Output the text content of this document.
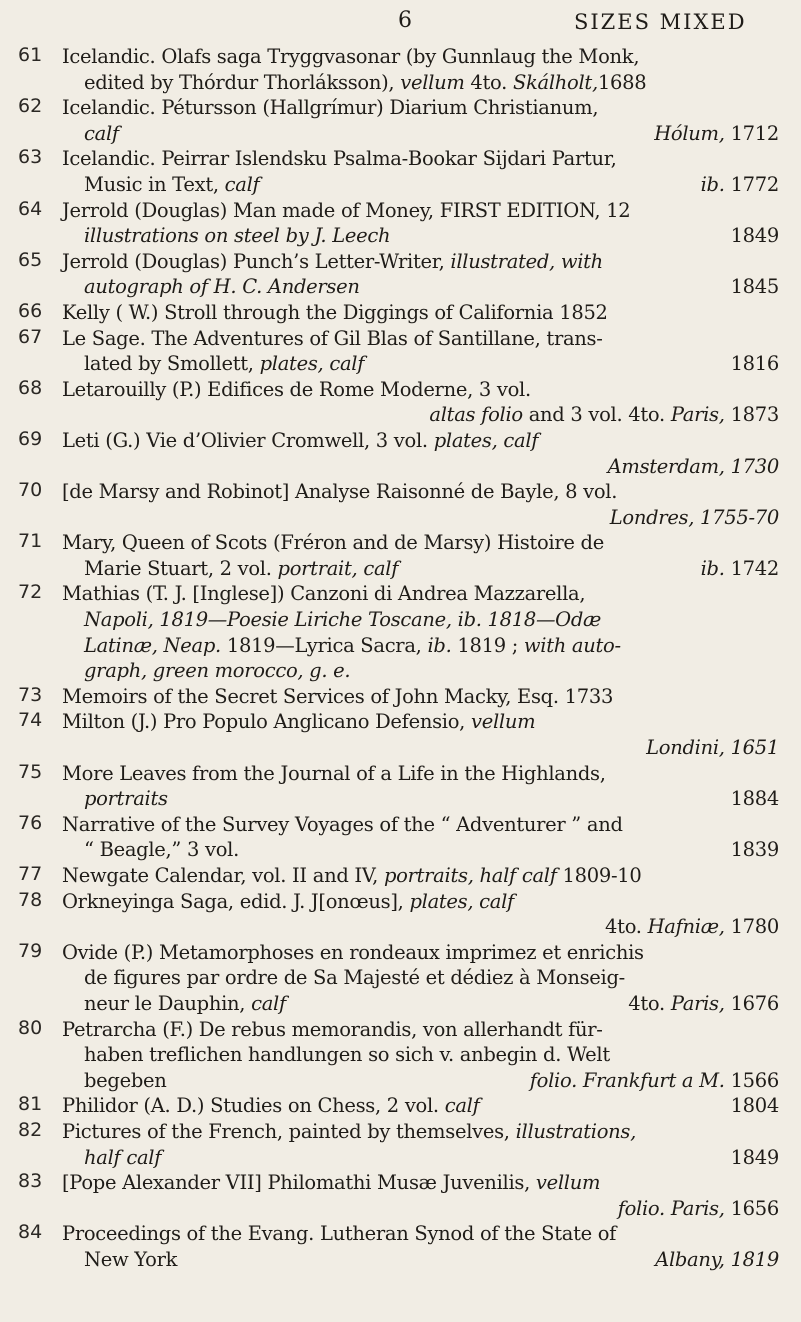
6	SIZES MIXED
61	Icelandic. Olafs saga Tryggvasonar (by Gunnlaug the Monk,
edited by Thórdur Thorláksson), vellum 4to. Skálholt,1688
62	Icelandic. Pétursson (Hallgrímur) Diarium Christianum,
calf	Hólum, 1712
63	Icelandic. Peirrar Islendsku Psalma-Bookar Sijdari Partur,
Music in Text, calf	ib. 1772
64	Jerrold (Douglas) Man made of Money, FIRST EDITION, 12
illustrations on steel by J. Leech	1849
65	Jerrold (Douglas) Punch’s Letter-Writer, illustrated, with
autograph of H. C. Andersen	1845
66	Kelly ( W.) Stroll through the Diggings of California 1852
67	Le Sage. The Adventures of Gil Blas of Santillane, trans-
lated by Smollett, plates, calf	1816
68	Letarouilly (P.) Edifices de Rome Moderne, 3 vol.
altas folio and 3 vol. 4to. Paris, 1873
69	Leti (G.) Vie d’Olivier Cromwell, 3 vol. plates, calf
Amsterdam, 1730
70	[de Marsy and Robinot] Analyse Raisonné de Bayle, 8 vol.
Londres, 1755-70
71	Mary, Queen of Scots (Fréron and de Marsy) Histoire de
Marie Stuart, 2 vol. portrait, calf	ib. 1742
72	Mathias (T. J. [Inglese]) Canzoni di Andrea Mazzarella,
Napoli, 1819—Poesie Liriche Toscane, ib. 1818—Odæ
Latinæ, Neap. 1819—Lyrica Sacra, ib. 1819 ; with auto-
graph, green morocco, g. e.
73	Memoirs of the Secret Services of John Macky, Esq. 1733
74	Milton (J.) Pro Populo Anglicano Defensio, vellum
Londini, 1651
75	More Leaves from the Journal of a Life in the Highlands,
portraits	1884
76	Narrative of the Survey Voyages of the “ Adventurer ” and
“ Beagle,” 3 vol.	1839
77	Newgate Calendar, vol. II and IV, portraits, half calf 1809-10
78	Orkneyinga Saga, edid. J. J[onœus], plates, calf
4to. Hafniæ, 1780
79	Ovide (P.) Metamorphoses en rondeaux imprimez et enrichis
de figures par ordre de Sa Majesté et dédiez à Monseig-
neur le Dauphin, calf	4to. Paris, 1676
80	Petrarcha (F.) De rebus memorandis, von allerhandt für-
haben treflichen handlungen so sich v. anbegin d. Welt
begeben	folio. Frankfurt a M. 1566
81	Philidor (A. D.) Studies on Chess, 2 vol. calf	1804
82	Pictures of the French, painted by themselves, illustrations,
half calf	1849
83	[Pope Alexander VII] Philomathi Musæ Juvenilis, vellum
folio. Paris, 1656
84	Proceedings of the Evang. Lutheran Synod of the State of
New York	Albany, 1819
